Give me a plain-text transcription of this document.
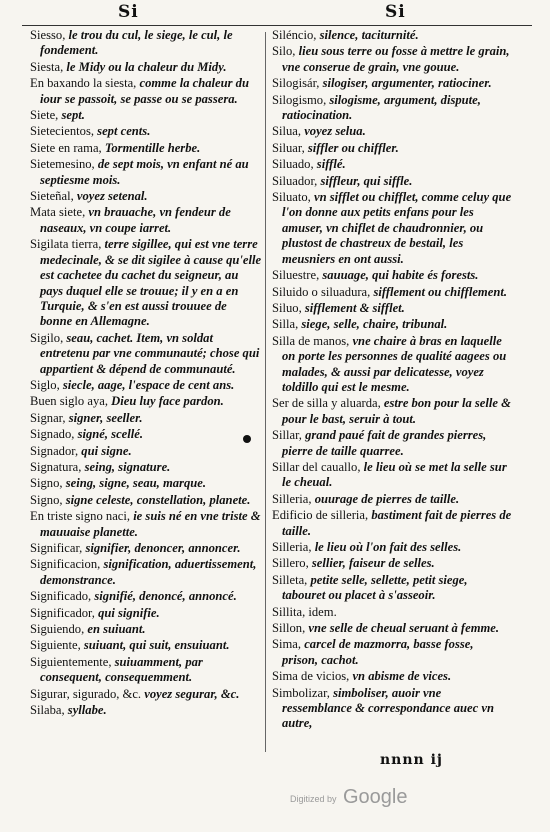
Si	Si
Siesso, le trou du cul, le siege, le cul, le fondement.
Siesta, le Midy ou la chaleur du Midy.
En baxando la siesta, comme la chaleur du iour se passoit, se passe ou se passera.
Siete, sept.
Sietecientos, sept cents.
Siete en rama, Tormentille herbe.
Sietemesino, de sept mois, vn enfant né au septiesme mois.
Sieteñal, voyez setenal.
Mata siete, vn brauache, vn fendeur de naseaux, vn coupe iarret.
Sigilata tierra, terre sigillee, qui est vne terre medecinale, & se dit sigilee à cause qu'elle est cachetee du cachet du seigneur, au pays duquel elle se trouue; il y en a en Turquie, & s'en est aussi trouuee de bonne en Allemagne.
Sigilo, seau, cachet. Item, vn soldat entretenu par vne communauté; chose qui appartient & dépend de communauté.
Siglo, siecle, aage, l'espace de cent ans.
Buen siglo aya, Dieu luy face pardon.
Signar, signer, seeller.
Signado, signé, scellé.
Signador, qui signe.
Signatura, seing, signature.
Signo, seing, signe, seau, marque.
Signo, signe celeste, constellation, planete.
En triste signo naci, ie suis né en vne triste & mauuaise planette.
Significar, signifier, denoncer, annoncer.
Significacion, signification, aduertissement, demonstrance.
Significado, signifié, denoncé, annoncé.
Significador, qui signifie.
Siguiendo, en suiuant.
Siguiente, suiuant, qui suit, ensuiuant.
Siguientemente, suiuamment, par consequent, consequemment.
Sigurar, sigurado, &c. voyez segurar, &c.
Silaba, syllabe.
Siléncio, silence, taciturnité.
Silo, lieu sous terre ou fosse à mettre le grain, vne conserue de grain, vne gouue.
Silogisár, silogiser, argumenter, ratiociner.
Silogismo, silogisme, argument, dispute, ratiocination.
Silua, voyez selua.
Siluar, siffler ou chiffler.
Siluado, sifflé.
Siluador, siffleur, qui siffle.
Siluato, vn sifflet ou chifflet, comme celuy que l'on donne aux petits enfans pour les amuser, vn chiflet de chaudronnier, ou plustost de chastreux de bestail, les meusniers en ont aussi.
Siluestre, sauuage, qui habite és forests.
Siluido o siluadura, sifflement ou chifflement.
Siluo, sifflement & sifflet.
Silla, siege, selle, chaire, tribunal.
Silla de manos, vne chaire à bras en laquelle on porte les personnes de qualité aagees ou malades, & aussi par delicatesse, voyez toldillo qui est le mesme.
Ser de silla y aluarda, estre bon pour la selle & pour le bast, seruir à tout.
Sillar, grand paué fait de grandes pierres, pierre de taille quarree.
Sillar del cauallo, le lieu où se met la selle sur le cheual.
Silleria, ouurage de pierres de taille.
Edificio de silleria, bastiment fait de pierres de taille.
Silleria, le lieu où l'on fait des selles.
Sillero, sellier, faiseur de selles.
Silleta, petite selle, sellette, petit siege, tabouret ou placet à s'asseoir.
Sillita, idem.
Sillon, vne selle de cheual seruant à femme.
Sima, carcel de mazmorra, basse fosse, prison, cachot.
Sima de vicios, vn abisme de vices.
Simbolizar, simboliser, auoir vne ressemblance & correspondance auec vn autre,
nnnn ij
Digitized by Google
